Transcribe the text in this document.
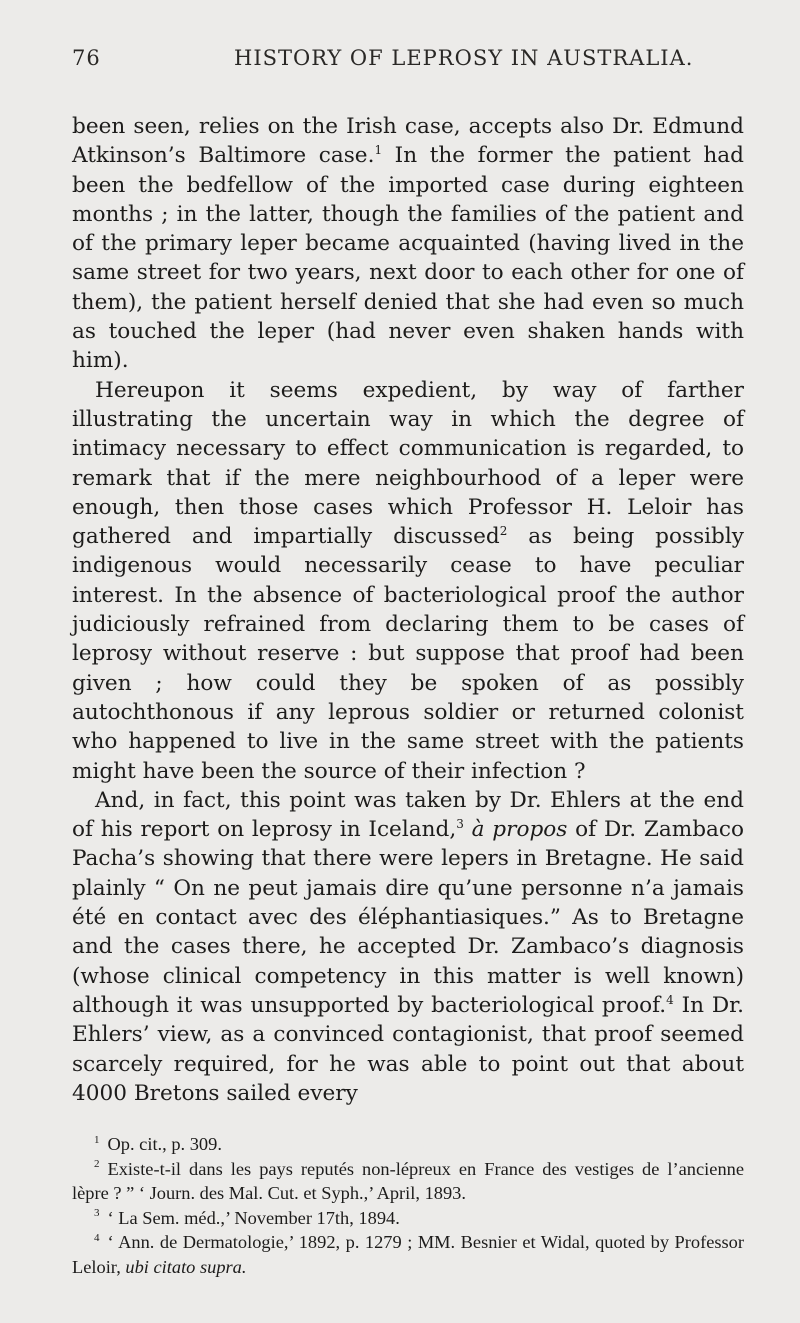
76	HISTORY OF LEPROSY IN AUSTRALIA.

been seen, relies on the Irish case, accepts also Dr. Edmund Atkinson’s Baltimore case.$^1$ In the former the patient had been the bedfellow of the imported case during eighteen months ; in the latter, though the families of the patient and of the primary leper became acquainted (having lived in the same street for two years, next door to each other for one of them), the patient herself denied that she had even so much as touched the leper (had never even shaken hands with him).

Hereupon it seems expedient, by way of farther illustrating the uncertain way in which the degree of intimacy necessary to effect communication is regarded, to remark that if the mere neighbourhood of a leper were enough, then those cases which Professor H. Leloir has gathered and impartially discussed$^2$ as being possibly indigenous would necessarily cease to have peculiar interest. In the absence of bacteriological proof the author judiciously refrained from declaring them to be cases of leprosy without reserve : but suppose that proof had been given ; how could they be spoken of as possibly autochthonous if any leprous soldier or returned colonist who happened to live in the same street with the patients might have been the source of their infection ?

And, in fact, this point was taken by Dr. Ehlers at the end of his report on leprosy in Iceland,$^3$ à propos of Dr. Zambaco Pacha’s showing that there were lepers in Bretagne. He said plainly “ On ne peut jamais dire qu’une personne n’a jamais été en contact avec des éléphantiasiques.” As to Bretagne and the cases there, he accepted Dr. Zambaco’s diagnosis (whose clinical competency in this matter is well known) although it was unsupported by bacteriological proof.$^4$ In Dr. Ehlers’ view, as a convinced contagionist, that proof seemed scarcely required, for he was able to point out that about 4000 Bretons sailed every

$^1$ Op. cit., p. 309.

$^2$ Existe-t-il dans les pays reputés non-lépreux en France des vestiges de l’ancienne lèpre ? ” ‘ Journ. des Mal. Cut. et Syph.,’ April, 1893.

$^3$ ‘ La Sem. méd.,’ November 17th, 1894.

$^4$ ‘ Ann. de Dermatologie,’ 1892, p. 1279 ; MM. Besnier et Widal, quoted by Professor Leloir, ubi citato supra.
